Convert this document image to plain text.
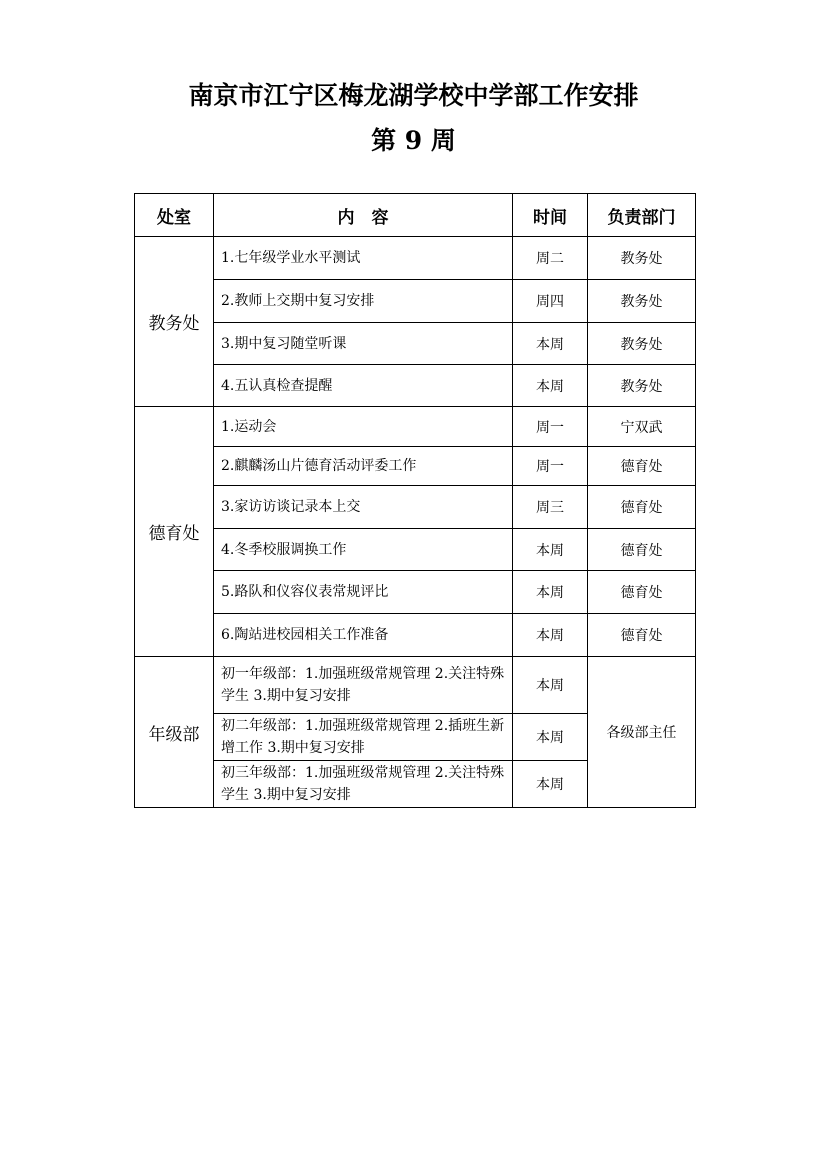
南京市江宁区梅龙湖学校中学部工作安排
第 9 周
处室	内　容	时间	负责部门
教务处	1.七年级学业水平测试	周二	教务处
	2.教师上交期中复习安排	周四	教务处
	3.期中复习随堂听课	本周	教务处
	4.五认真检查提醒	本周	教务处
德育处	1.运动会	周一	宁双武
	2.麒麟汤山片德育活动评委工作	周一	德育处
	3.家访访谈记录本上交	周三	德育处
	4.冬季校服调换工作	本周	德育处
	5.路队和仪容仪表常规评比	本周	德育处
	6.陶站进校园相关工作准备	本周	德育处
年级部	初一年级部：1.加强班级常规管理 2.关注特殊学生 3.期中复习安排	本周	各级部主任
	初二年级部：1.加强班级常规管理 2.插班生新增工作 3.期中复习安排	本周	
	初三年级部：1.加强班级常规管理 2.关注特殊学生 3.期中复习安排	本周	
